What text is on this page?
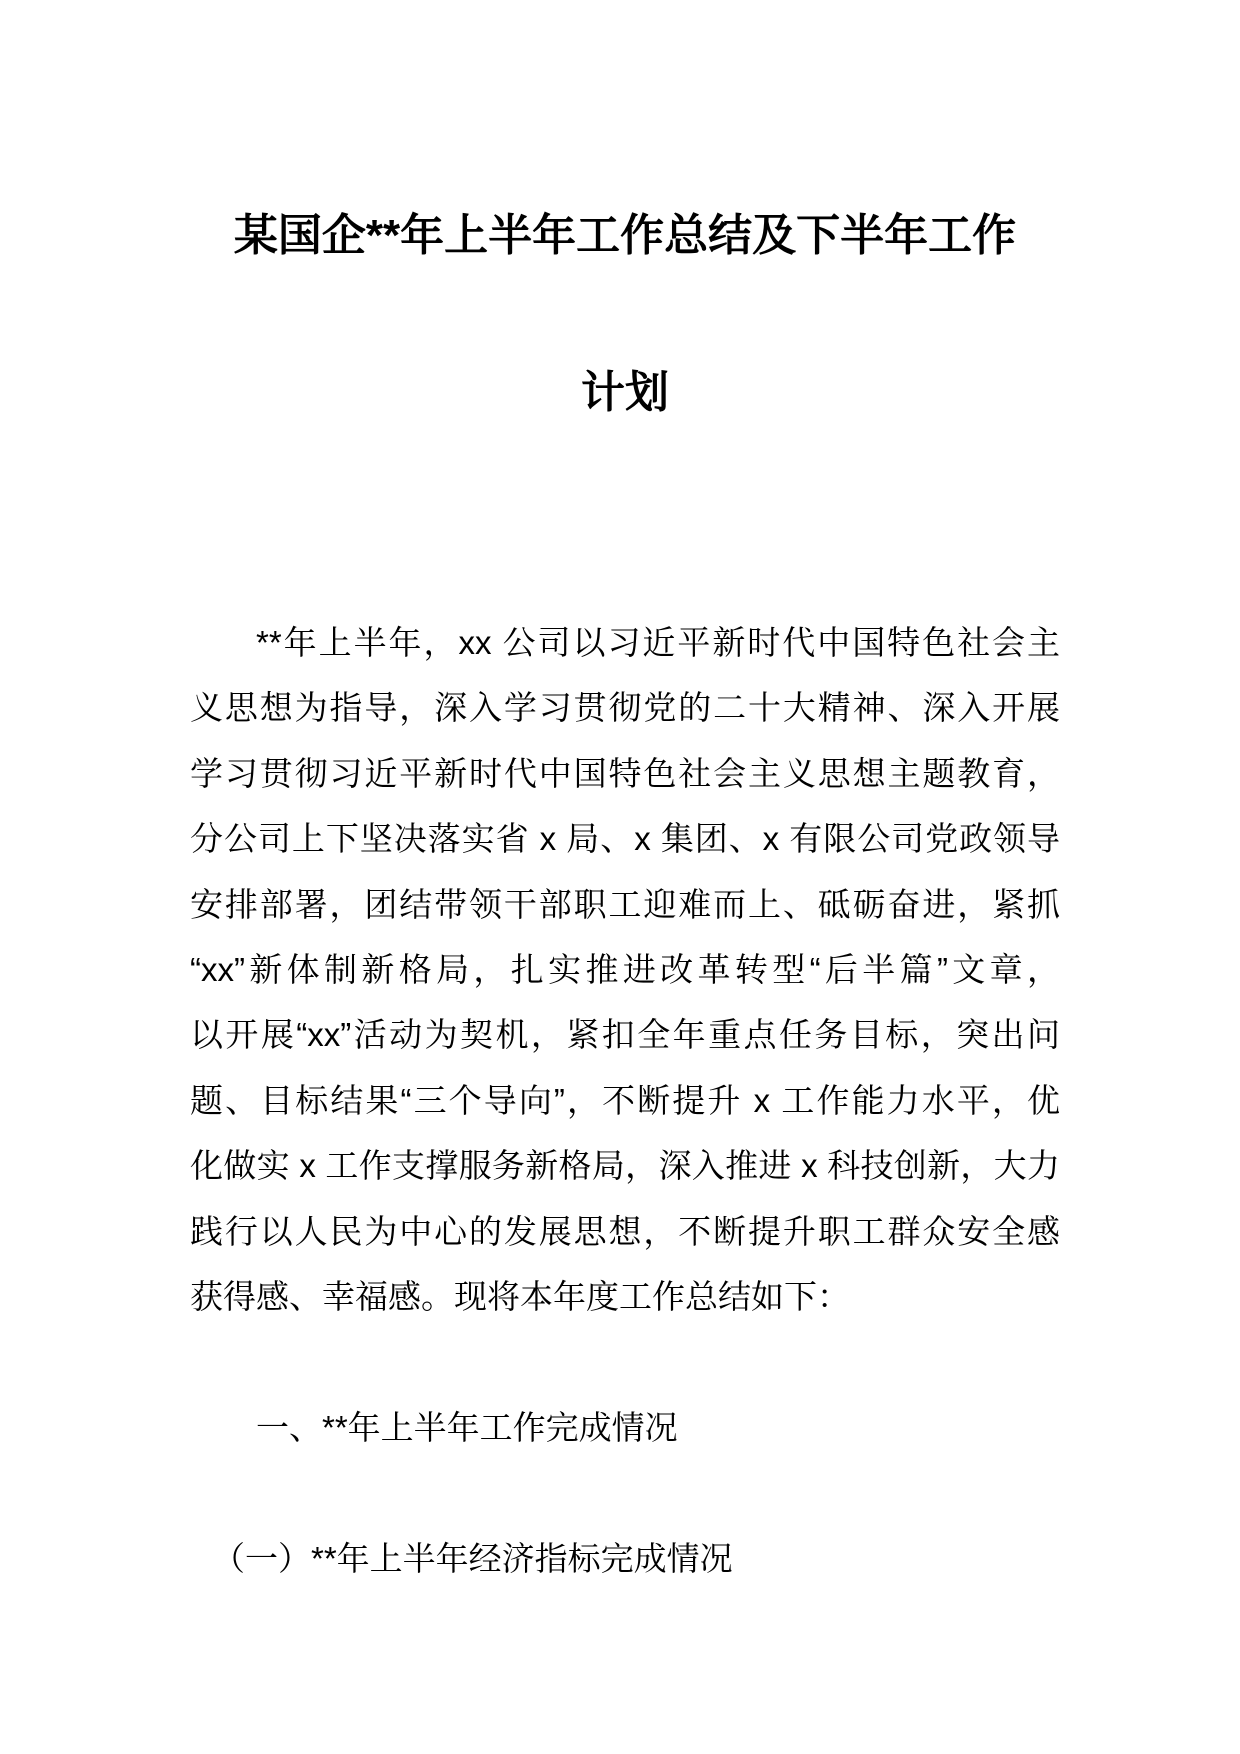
某国企**年上半年工作总结及下半年工作
计划
**年上半年，xx 公司以习近平新时代中国特色社会主
义思想为指导，深入学习贯彻党的二十大精神、深入开展
学习贯彻习近平新时代中国特色社会主义思想主题教育，
分公司上下坚决落实省 x 局、x 集团、x 有限公司党政领导
安排部署，团结带领干部职工迎难而上、砥砺奋进，紧抓
“xx”新体制新格局，扎实推进改革转型“后半篇”文章，
以开展“xx”活动为契机，紧扣全年重点任务目标，突出问
题、目标结果“三个导向”，不断提升 x 工作能力水平，优
化做实 x 工作支撑服务新格局，深入推进 x 科技创新，大力
践行以人民为中心的发展思想，不断提升职工群众安全感
获得感、幸福感。现将本年度工作总结如下：
一、**年上半年工作完成情况
（一）**年上半年经济指标完成情况
